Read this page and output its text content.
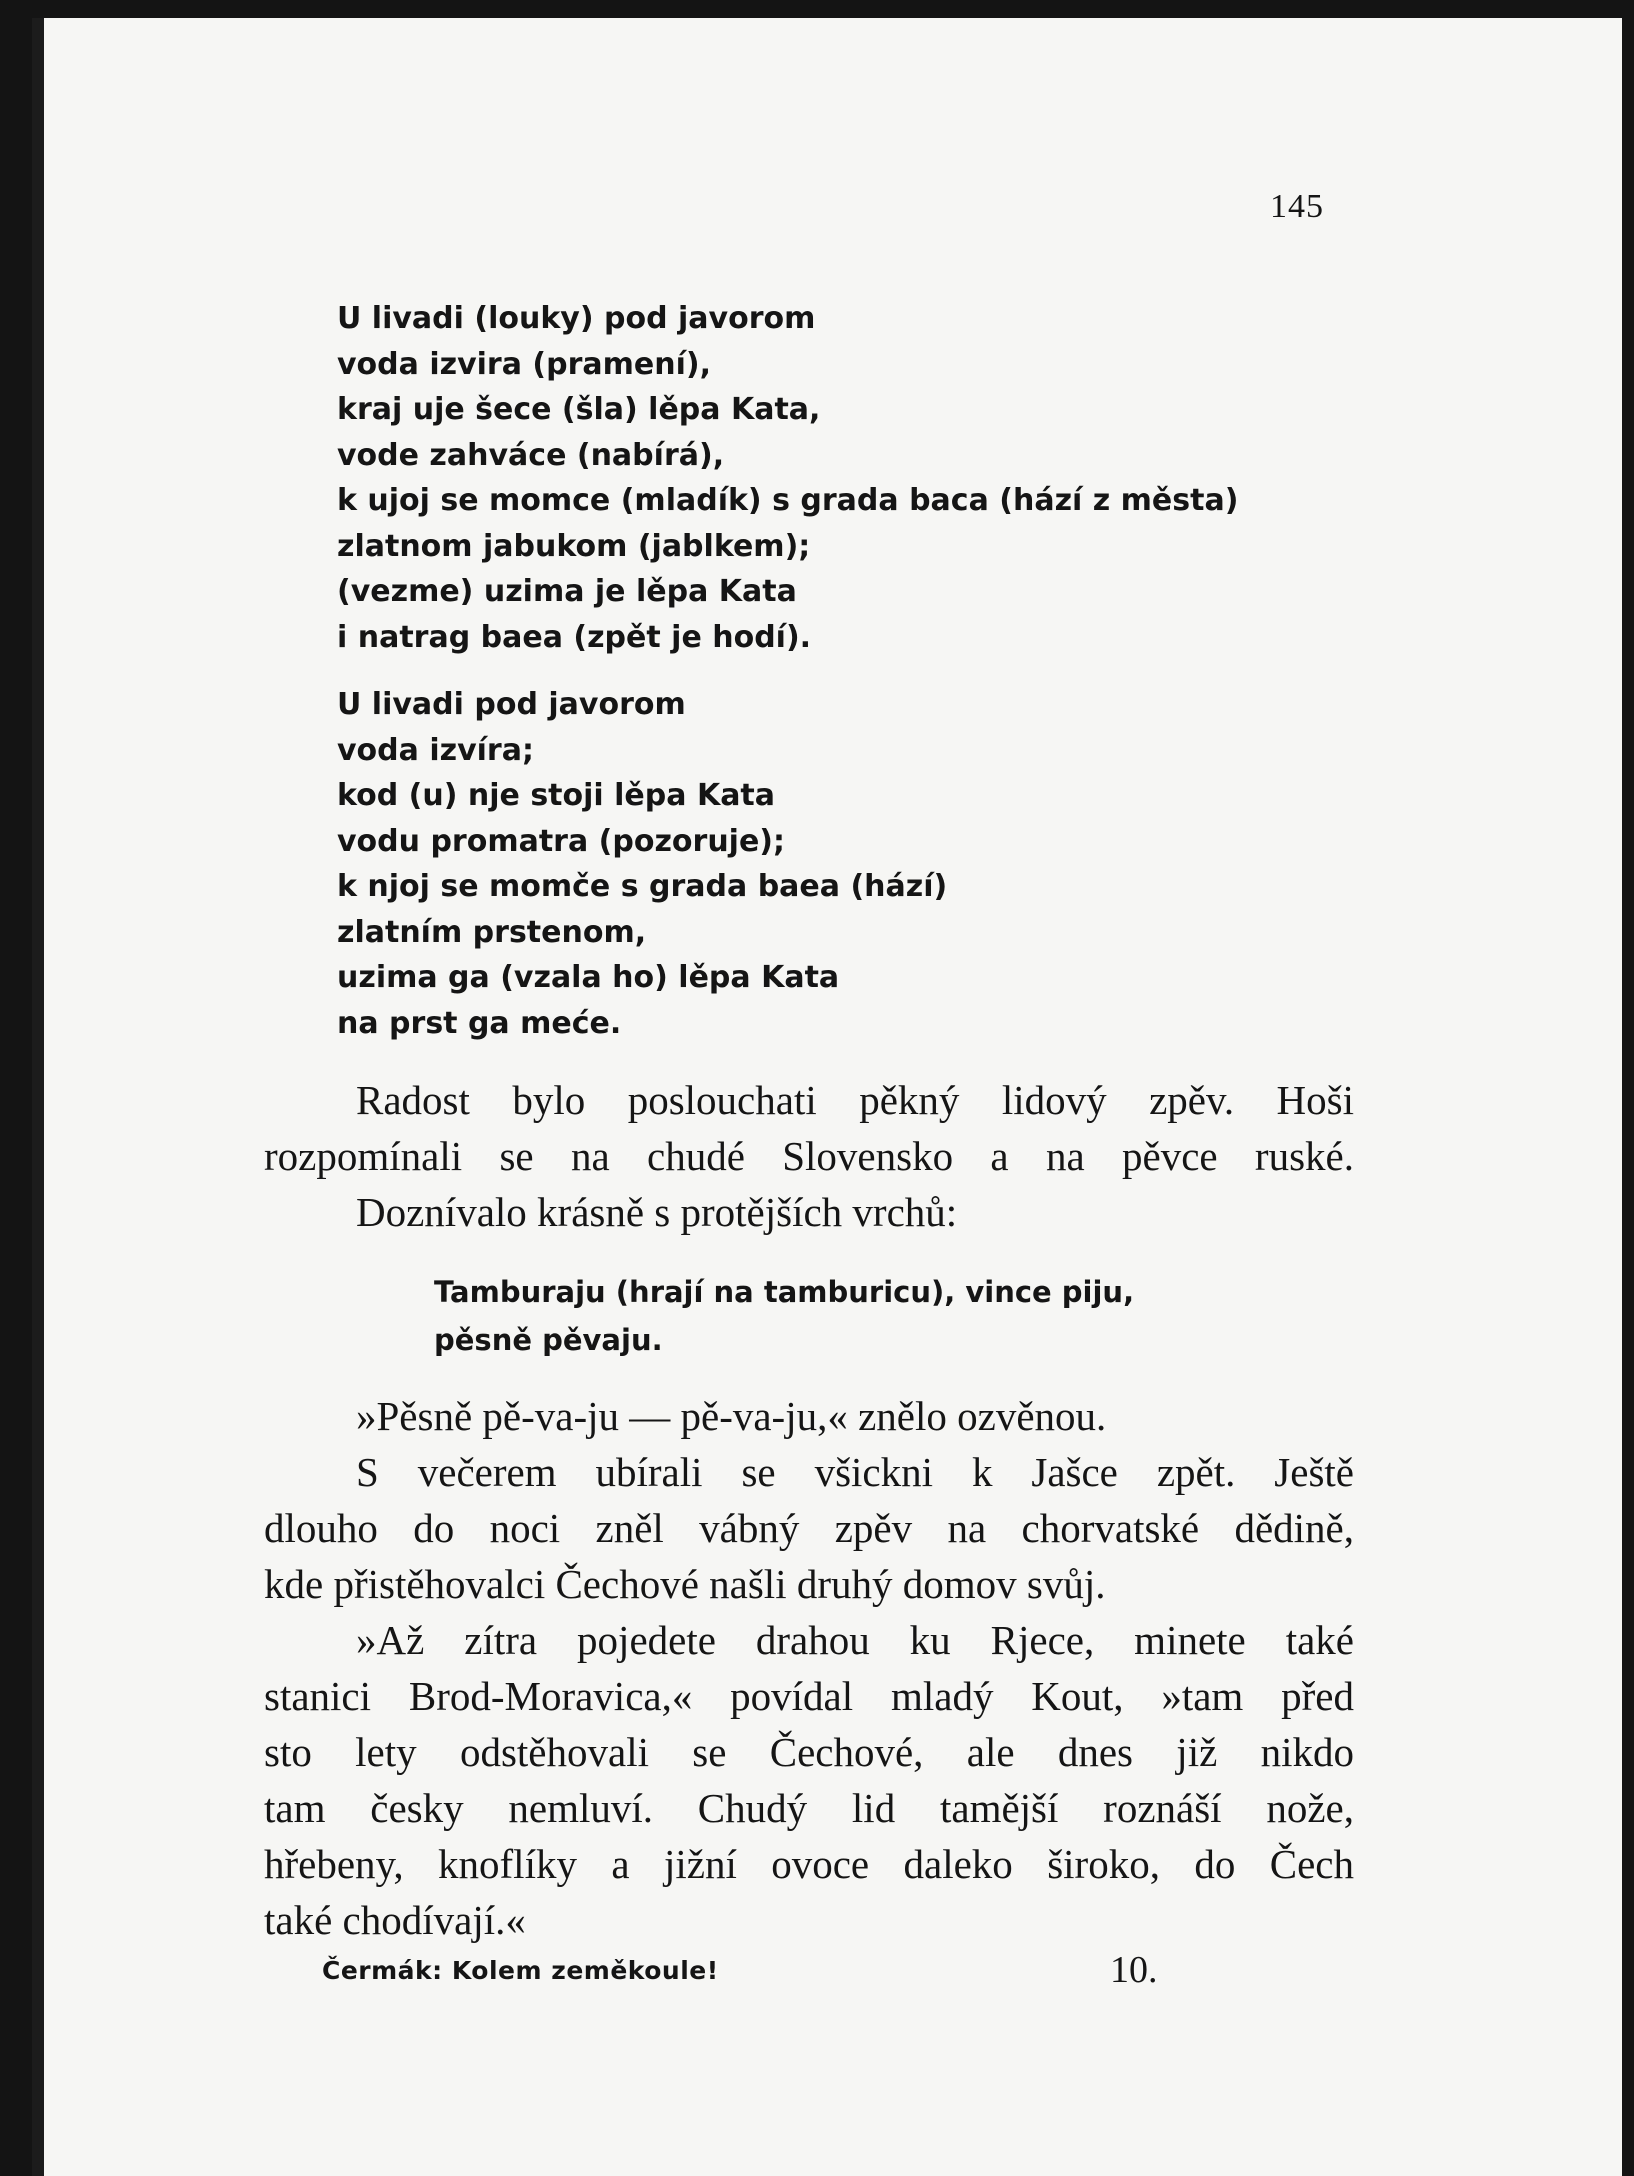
145
U livadi (louky) pod javorom
voda izvira (pramení),
kraj uje šece (šla) lěpa Kata,
vode zahváce (nabírá),
k ujoj se momce (mladík) s grada baca (hází z města)
zlatnom jabukom (jablkem);
(vezme) uzima je lěpa Kata
i natrag baea (zpět je hodí).
U livadi pod javorom
voda izvíra;
kod (u) nje stoji lěpa Kata
vodu promatra (pozoruje);
k njoj se momče s grada baea (hází)
zlatním prstenom,
uzima ga (vzala ho) lěpa Kata
na prst ga meće.
Radost bylo poslouchati pěkný lidový zpěv. Hoši
rozpomínali se na chudé Slovensko a na pěvce ruské.
Doznívalo krásně s protějších vrchů:
Tamburaju (hrají na tamburicu), vince piju,
pěsně pěvaju.
»Pěsně pě-va-ju — pě-va-ju,« znělo ozvěnou.
S večerem ubírali se všickni k Jašce zpět. Ještě
dlouho do noci zněl vábný zpěv na chorvatské dědině,
kde přistěhovalci Čechové našli druhý domov svůj.
»Až zítra pojedete drahou ku Rjece, minete také
stanici Brod-Moravica,« povídal mladý Kout, »tam před
sto lety odstěhovali se Čechové, ale dnes již nikdo
tam česky nemluví. Chudý lid tamější roznáší nože,
hřebeny, knoflíky a jižní ovoce daleko široko, do Čech
také chodívají.«
Čermák: Kolem zeměkoule!	10.
